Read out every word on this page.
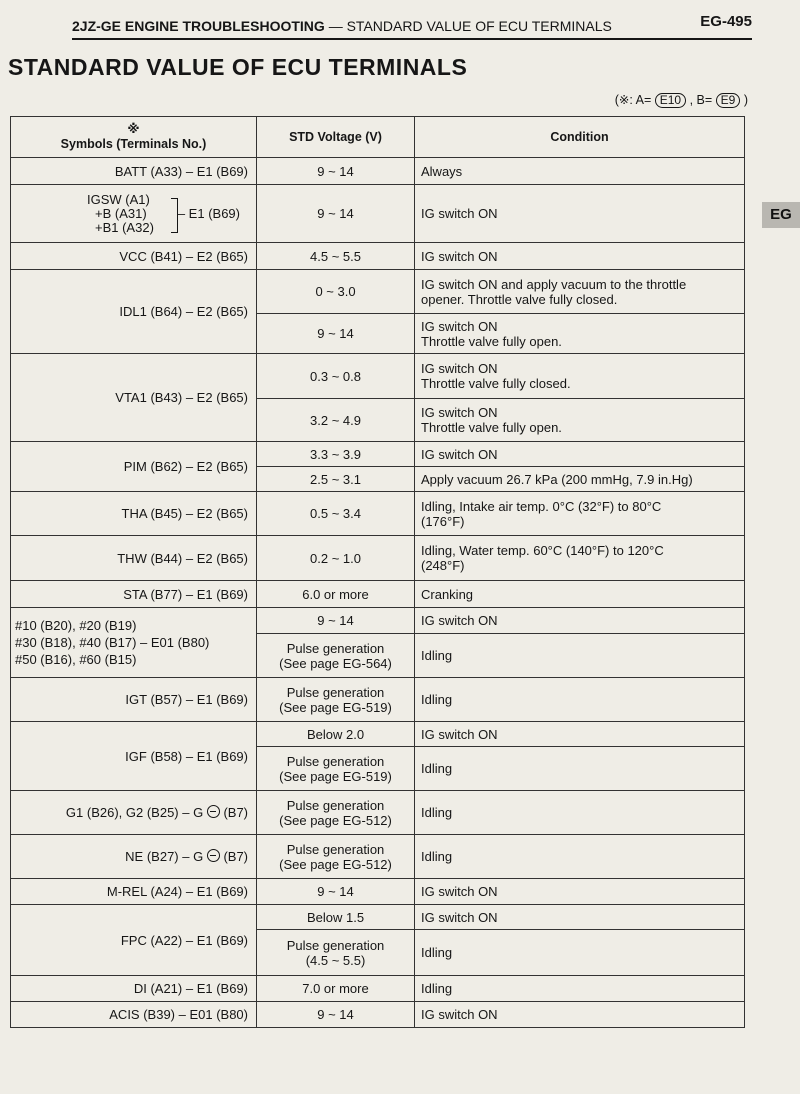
2JZ-GE ENGINE TROUBLESHOOTING — STANDARD VALUE OF ECU TERMINALS	EG-495
STANDARD VALUE OF ECU TERMINALS
(※: A= E10 , B= E9 )
EG
※
Symbols (Terminals No.)	STD Voltage (V)	Condition
BATT (A33) – E1 (B69)	9 ~ 14	Always

IGSW (A1)
+B (A31)
+B1 (A32)
– E1 (B69)	9 ~ 14	IG switch ON
VCC (B41) – E2 (B65)	4.5 ~ 5.5	IG switch ON
IDL1 (B64) – E2 (B65)	0 ~ 3.0	IG switch ON and apply vacuum to the throttle
opener. Throttle valve fully closed.

	9 ~ 14	IG switch ON
Throttle valve fully open.

VTA1 (B43) – E2 (B65)	0.3 ~ 0.8	IG switch ON
Throttle valve fully closed.

	3.2 ~ 4.9	IG switch ON
Throttle valve fully open.

PIM (B62) – E2 (B65)	3.3 ~ 3.9	IG switch ON
	2.5 ~ 3.1	Apply vacuum 26.7 kPa (200 mmHg, 7.9 in.Hg)
THA (B45) – E2 (B65)	0.5 ~ 3.4	Idling, Intake air temp. 0°C (32°F) to 80°C
(176°F)

THW (B44) – E2 (B65)	0.2 ~ 1.0	Idling, Water temp. 60°C (140°F) to 120°C
(248°F)

STA (B77) – E1 (B69)	6.0 or more	Cranking

#10 (B20), #20 (B19)
#30 (B18), #40 (B17) – E01 (B80)
#50 (B16), #60 (B15)	9 ~ 14	IG switch ON

	Pulse generation
(See page EG-564)	Idling
IGT (B57) – E1 (B69)	Pulse generation
(See page EG-519)	Idling
IGF (B58) – E1 (B69)	Below 2.0	IG switch ON

	Pulse generation
(See page EG-519)	Idling
G1 (B26), G2 (B25) – G  (B7)	Pulse generation
(See page EG-512)	Idling
NE (B27) – G  (B7)	Pulse generation
(See page EG-512)	Idling
M-REL (A24) – E1 (B69)	9 ~ 14	IG switch ON
FPC (A22) – E1 (B69)	Below 1.5	IG switch ON

	Pulse generation
(4.5 ~ 5.5)	Idling
DI (A21) – E1 (B69)	7.0 or more	Idling
ACIS (B39) – E01 (B80)	9 ~ 14	IG switch ON
